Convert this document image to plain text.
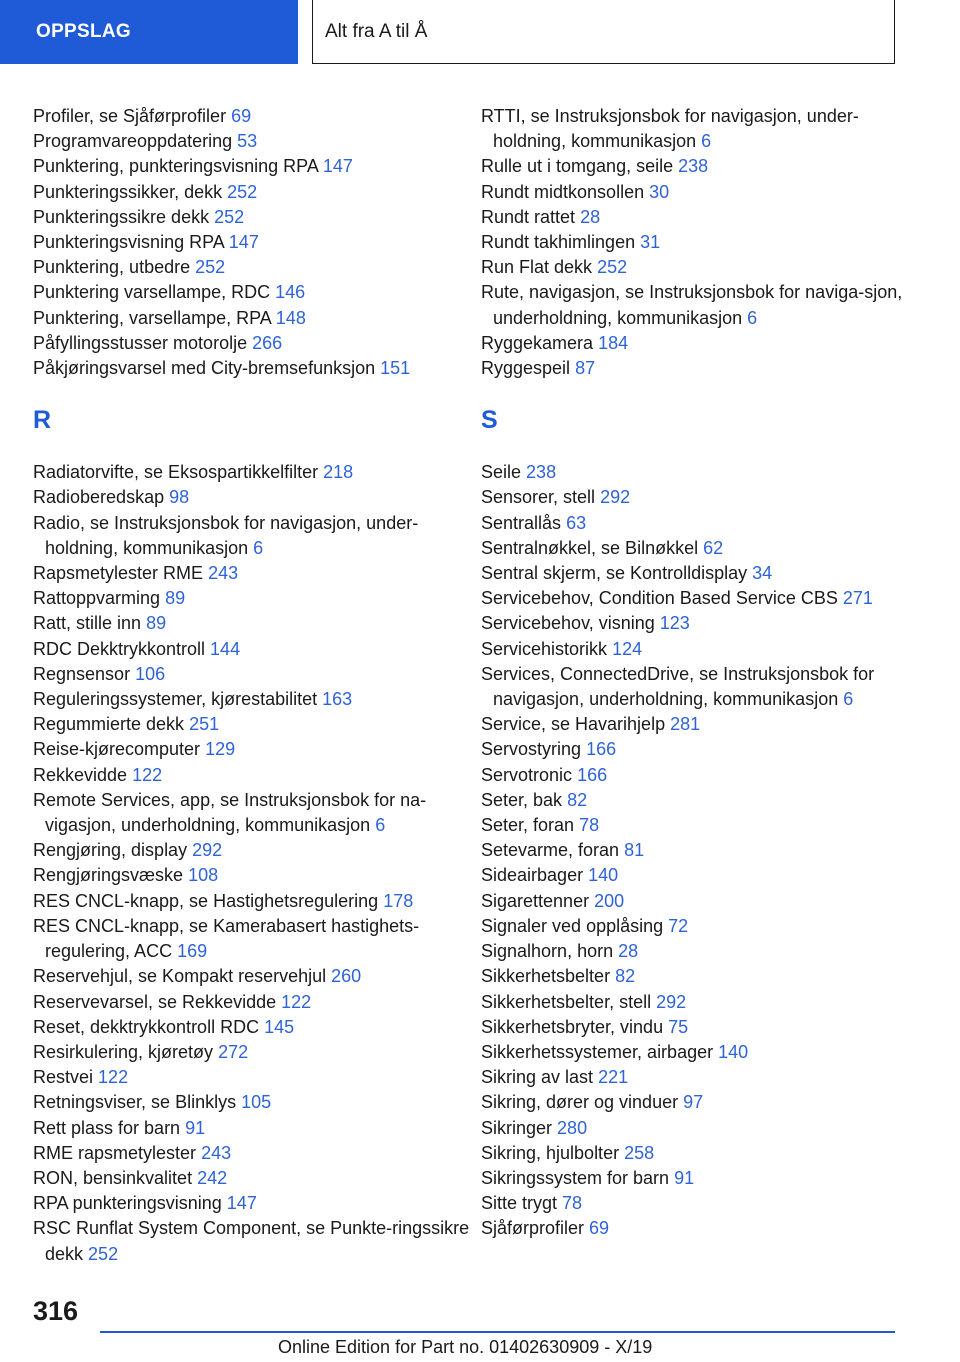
OPPSLAG	Alt fra A til Å
Profiler, se Sjåførprofiler 69
Programvareoppdatering 53
Punktering, punkteringsvisning RPA 147
Punkteringssikker, dekk 252
Punkteringssikre dekk 252
Punkteringsvisning RPA 147
Punktering, utbedre 252
Punktering varsellampe, RDC 146
Punktering, varsellampe, RPA 148
Påfyllingsstusser motorolje 266
Påkjøringsvarsel med City-bremsefunksjon 151
R
Radiatorvifte, se Eksospartikkelfilter 218
Radioberedskap 98
Radio, se Instruksjonsbok for navigasjon, under-holdning, kommunikasjon 6
Rapsmetylester RME 243
Rattoppvarming 89
Ratt, stille inn 89
RDC Dekktrykkontroll 144
Regnsensor 106
Reguleringssystemer, kjørestabilitet 163
Regummierte dekk 251
Reise-kjørecomputer 129
Rekkevidde 122
Remote Services, app, se Instruksjonsbok for na-vigasjon, underholdning, kommunikasjon 6
Rengjøring, display 292
Rengjøringsvæske 108
RES CNCL-knapp, se Hastighetsregulering 178
RES CNCL-knapp, se Kamerabasert hastighets-regulering, ACC 169
Reservehjul, se Kompakt reservehjul 260
Reservevarsel, se Rekkevidde 122
Reset, dekktrykkontroll RDC 145
Resirkulering, kjøretøy 272
Restvei 122
Retningsviser, se Blinklys 105
Rett plass for barn 91
RME rapsmetylester 243
RON, bensinkvalitet 242
RPA punkteringsvisning 147
RSC Runflat System Component, se Punkte-ringssikre dekk 252
RTTI, se Instruksjonsbok for navigasjon, under-holdning, kommunikasjon 6
Rulle ut i tomgang, seile 238
Rundt midtkonsollen 30
Rundt rattet 28
Rundt takhimlingen 31
Run Flat dekk 252
Rute, navigasjon, se Instruksjonsbok for naviga-sjon, underholdning, kommunikasjon 6
Ryggekamera 184
Ryggespeil 87
S
Seile 238
Sensorer, stell 292
Sentrallås 63
Sentralnøkkel, se Bilnøkkel 62
Sentral skjerm, se Kontrolldisplay 34
Servicebehov, Condition Based Service CBS 271
Servicebehov, visning 123
Servicehistorikk 124
Services, ConnectedDrive, se Instruksjonsbok for navigasjon, underholdning, kommunikasjon 6
Service, se Havarihjelp 281
Servostyring 166
Servotronic 166
Seter, bak 82
Seter, foran 78
Setevarme, foran 81
Sideairbager 140
Sigarettenner 200
Signaler ved opplåsing 72
Signalhorn, horn 28
Sikkerhetsbelter 82
Sikkerhetsbelter, stell 292
Sikkerhetsbryter, vindu 75
Sikkerhetssystemer, airbager 140
Sikring av last 221
Sikring, dører og vinduer 97
Sikringer 280
Sikring, hjulbolter 258
Sikringssystem for barn 91
Sitte trygt 78
Sjåførprofiler 69
316
Online Edition for Part no. 01402630909 - X/19
